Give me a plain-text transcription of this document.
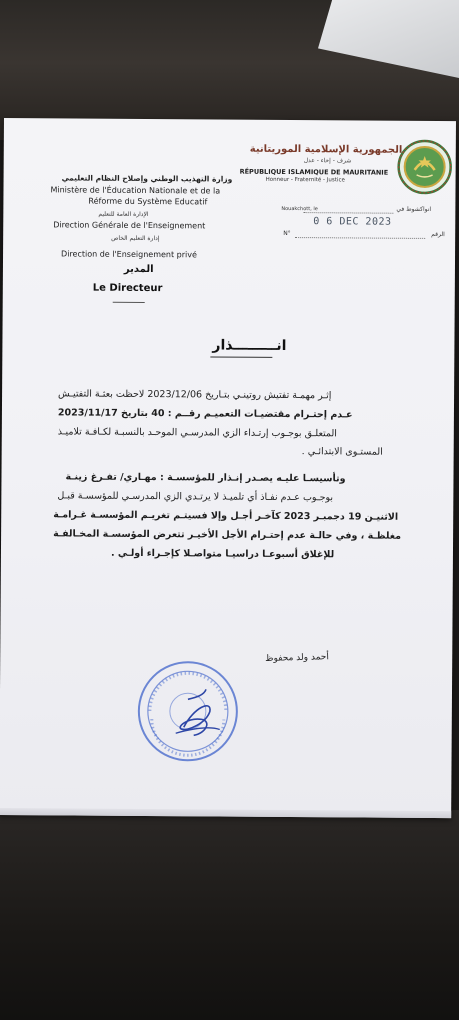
الجمهورية الإسلامية الموريتانية
شرف - إخاء - عدل
RÉPUBLIQUE ISLAMIQUE DE MAURITANIE
Honneur - Fraternité - Justice
وزارة التهذيب الوطني وإصلاح النظام التعليمي
Ministère de l'Éducation Nationale et de la
Réforme du Système Educatif
الإدارة العامة للتعليم
Direction Générale de l'Enseignement
إدارة التعليم الخاص
Direction de l'Enseignement privé
المدير
Le Directeur
Nouakchott, le	انواكشوط في
0 6 DEC 2023
N°	الرقم
انـــــــــذار
إثـر مهمـة تفتيش روتينـي بتـاريخ 2023/12/06 لاحظت بعثـة التفتيـش
عـدم إحتـرام مقتضيـات التعميـم رقــم : 40 بتاريخ 2023/11/17
المتعلـق بوجـوب إرتـداء الزي المدرسـي الموحـد بالنسبـة لكـافـة تلاميـذ
المستـوى الابتدائـي .
وتأسيسـا عليـه يصـدر إنـذار للمؤسسـة : مهـاري/ تفـرغ زينـة
بوجـوب عـدم نفـاذ أي تلميـذ لا يرتـدي الزي المدرسـي للمؤسسـة قبـل
الاثنيـن 19 دجمبـر 2023 كآخـر أجـل وإلا فسيتـم تغريـم المؤسسـة غـرامـة
مغلظـة ، وفي حالـة عدم إحتـرام الأجل الأخيـر تتعرض المؤسسـة المخـالفـة
للإغلاق أسبوعـا دراسيـا متواصـلا كإجـراء أولـي .
أحمد ولد محفوظ
